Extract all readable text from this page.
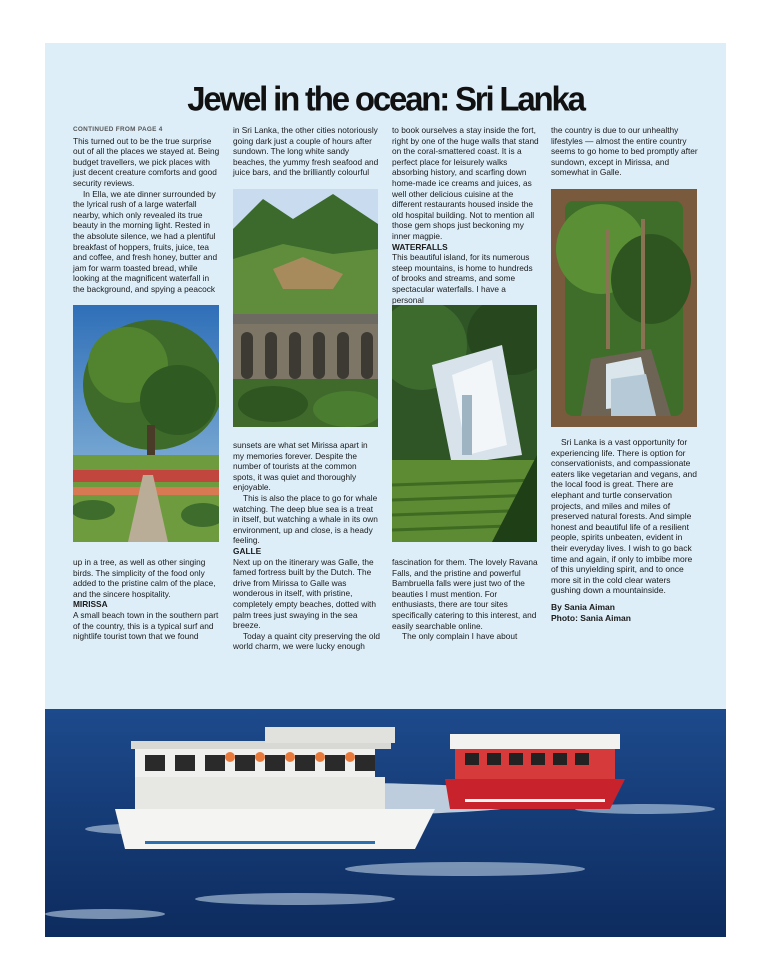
Jewel in the ocean: Sri Lanka
CONTINUED FROM PAGE 4

This turned out to be the true surprise out of all the places we stayed at. Being budget travellers, we pick places with just decent creature comforts and good security reviews.

In Ella, we ate dinner surrounded by the lyrical rush of a large waterfall nearby, which only revealed its true beauty in the morning light. Rested in the absolute silence, we had a plentiful breakfast of hoppers, fruits, juice, tea and coffee, and fresh honey, butter and jam for warm toasted bread, while looking at the magnificent waterfall in the background, and spying a peacock

up in a tree, as well as other singing birds. The simplicity of the food only added to the pristine calm of the place, and the sincere hospitality.

MIRISSA

A small beach town in the southern part of the country, this is a typical surf and nightlife tourist town that we found

in Sri Lanka, the other cities notoriously going dark just a couple of hours after sundown. The long white sandy beaches, the yummy fresh seafood and juice bars, and the brilliantly colourful

sunsets are what set Mirissa apart in my memories forever. Despite the number of tourists at the common spots, it was quiet and thoroughly enjoyable.

This is also the place to go for whale watching. The deep blue sea is a treat in itself, but watching a whale in its own environment, up and close, is a heady feeling.

GALLE

Next up on the itinerary was Galle, the famed fortress built by the Dutch. The drive from Mirissa to Galle was wonderous in itself, with pristine, completely empty beaches, dotted with palm trees just swaying in the sea breeze.

Today a quaint city preserving the old world charm, we were lucky enough

to book ourselves a stay inside the fort, right by one of the huge walls that stand on the coral-smattered coast. It is a perfect place for leisurely walks absorbing history, and scarfing down home-made ice creams and juices, as well other delicious cuisine at the different restaurants housed inside the old hospital building. Not to mention all those gem shops just beckoning my inner magpie.

WATERFALLS

This beautiful island, for its numerous steep mountains, is home to hundreds of brooks and streams, and some spectacular waterfalls. I have a personal

fascination for them. The lovely Ravana Falls, and the pristine and powerful Bambruella falls were just two of the beauties I must mention. For enthusiasts, there are tour sites specifically catering to this interest, and easily searchable online.

The only complain I have about

the country is due to our unhealthy lifestyles — almost the entire country seems to go home to bed promptly after sundown, except in Mirissa, and somewhat in Galle.

Sri Lanka is a vast opportunity for experiencing life. There is option for conservationists, and compassionate eaters like vegetarian and vegans, and the local food is great. There are elephant and turtle conservation projects, and miles and miles of preserved natural forests. And simple honest and beautiful life of a resilient people, spirits unbeaten, evident in their everyday lives. I wish to go back time and again, if only to imbibe more of this unyielding spirit, and to once more sit in the cold clear waters gushing down a mountainside.

By Sania Aiman

Photo: Sania Aiman
